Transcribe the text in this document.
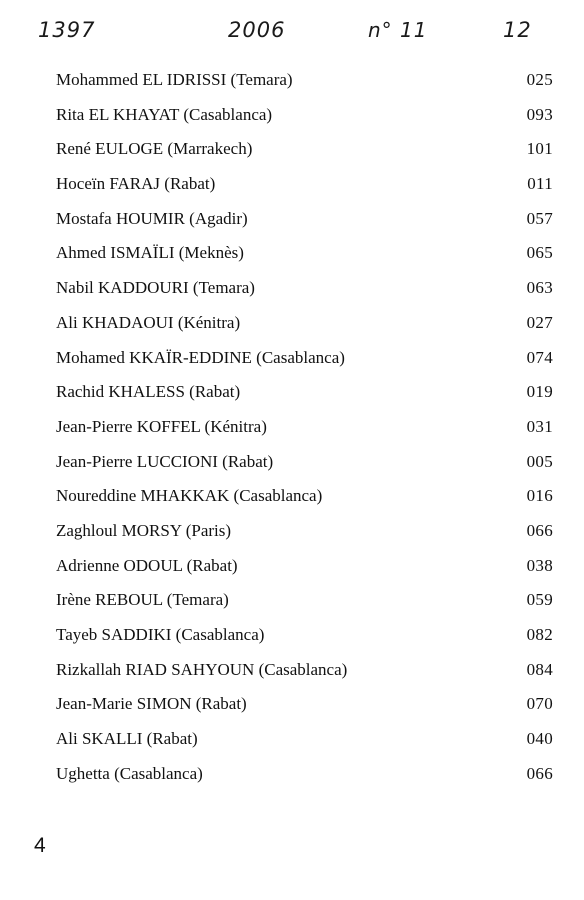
1397	2006	n° 11	12
Mohammed EL IDRISSI (Temara)	025
Rita EL KHAYAT (Casablanca)	093
René EULOGE (Marrakech)	101
Hoceïn FARAJ (Rabat)	011
Mostafa HOUMIR (Agadir)	057
Ahmed ISMAÏLI (Meknès)	065
Nabil KADDOURI (Temara)	063
Ali KHADAOUI (Kénitra)	027
Mohamed KKAÏR-EDDINE (Casablanca)	074
Rachid KHALESS (Rabat)	019
Jean-Pierre KOFFEL (Kénitra)	031
Jean-Pierre LUCCIONI (Rabat)	005
Noureddine MHAKKAK (Casablanca)	016
Zaghloul MORSY (Paris)	066
Adrienne ODOUL (Rabat)	038
Irène REBOUL (Temara)	059
Tayeb SADDIKI (Casablanca)	082
Rizkallah RIAD SAHYOUN (Casablanca)	084
Jean-Marie SIMON (Rabat)	070
Ali SKALLI (Rabat)	040
Ughetta (Casablanca)	066
4
